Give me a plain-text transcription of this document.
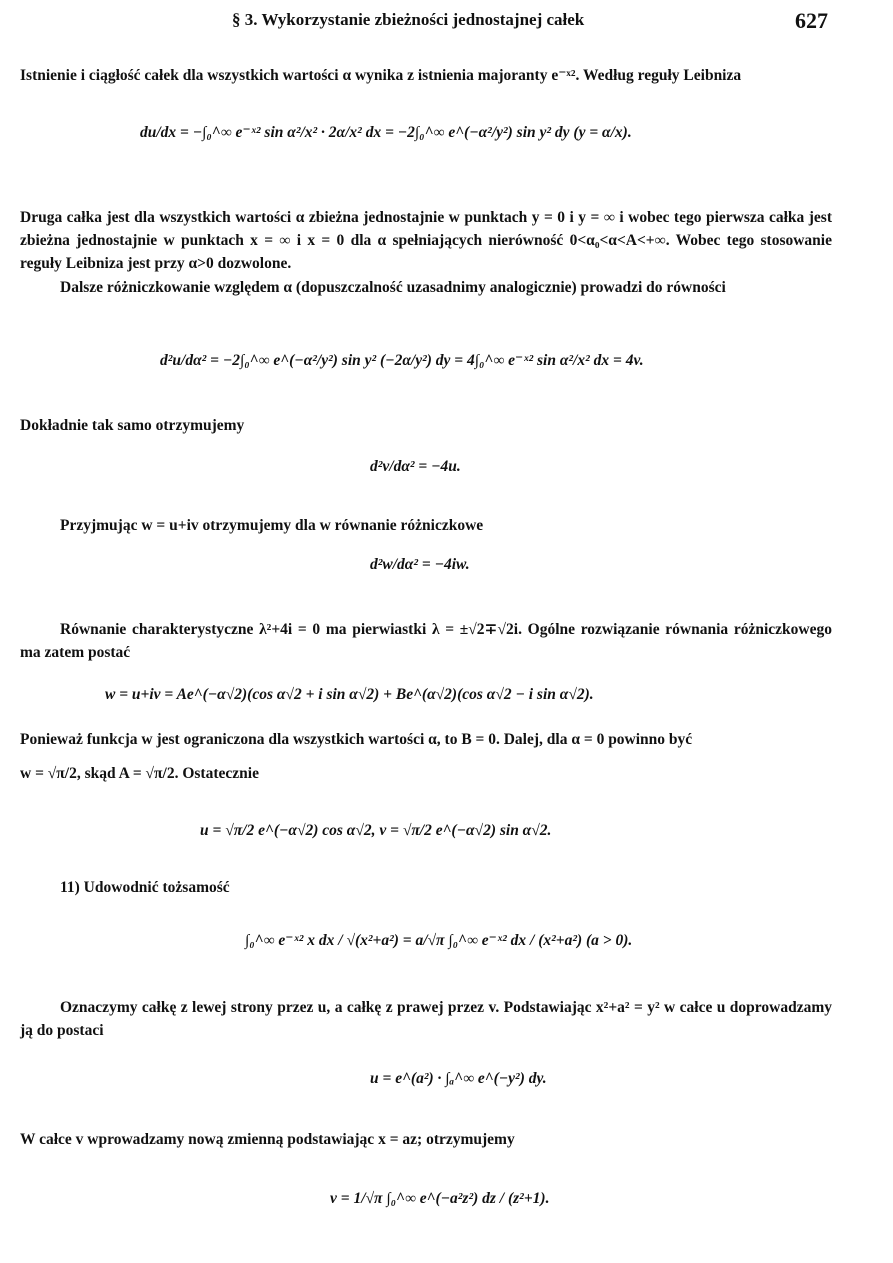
§ 3. Wykorzystanie zbieżności jednostajnej całek	627
Istnienie i ciągłość całek dla wszystkich wartości α wynika z istnienia majoranty e⁻ˣ². Według reguły Leibniza
du/dx = −∫₀^∞ e⁻ˣ² sin α²/x² · 2α/x² dx = −2∫₀^∞ e^(−α²/y²) sin y² dy (y = α/x).
Druga całka jest dla wszystkich wartości α zbieżna jednostajnie w punktach y = 0 i y = ∞ i wobec tego pierwsza całka jest zbieżna jednostajnie w punktach x = ∞ i x = 0 dla α spełniających nierówność 0<α₀<α<A<+∞. Wobec tego stosowanie reguły Leibniza jest przy α>0 dozwolone.
Dalsze różniczkowanie względem α (dopuszczalność uzasadnimy analogicznie) prowadzi do równości
d²u/dα² = −2∫₀^∞ e^(−α²/y²) sin y² (−2α/y²) dy = 4∫₀^∞ e⁻ˣ² sin α²/x² dx = 4v.
Dokładnie tak samo otrzymujemy
d²v/dα² = −4u.
Przyjmując w = u+iv otrzymujemy dla w równanie różniczkowe
d²w/dα² = −4iw.
Równanie charakterystyczne λ²+4i = 0 ma pierwiastki λ = ±√2∓√2i. Ogólne rozwiązanie równania różniczkowego ma zatem postać
w = u+iv = Ae^(−α√2)(cos α√2 + i sin α√2) + Be^(α√2)(cos α√2 − i sin α√2).
Ponieważ funkcja w jest ograniczona dla wszystkich wartości α, to B = 0. Dalej, dla α = 0 powinno być
w = √π/2, skąd A = √π/2. Ostatecznie
u = √π/2 e^(−α√2) cos α√2, v = √π/2 e^(−α√2) sin α√2.
11) Udowodnić tożsamość
∫₀^∞ e⁻ˣ² x dx / √(x²+a²) = a/√π ∫₀^∞ e⁻ˣ² dx / (x²+a²) (a > 0).
Oznaczymy całkę z lewej strony przez u, a całkę z prawej przez v. Podstawiając x²+a² = y² w całce u doprowadzamy ją do postaci
u = e^(a²) · ∫ₐ^∞ e^(−y²) dy.
W całce v wprowadzamy nową zmienną podstawiając x = az; otrzymujemy
v = 1/√π ∫₀^∞ e^(−a²z²) dz / (z²+1).
